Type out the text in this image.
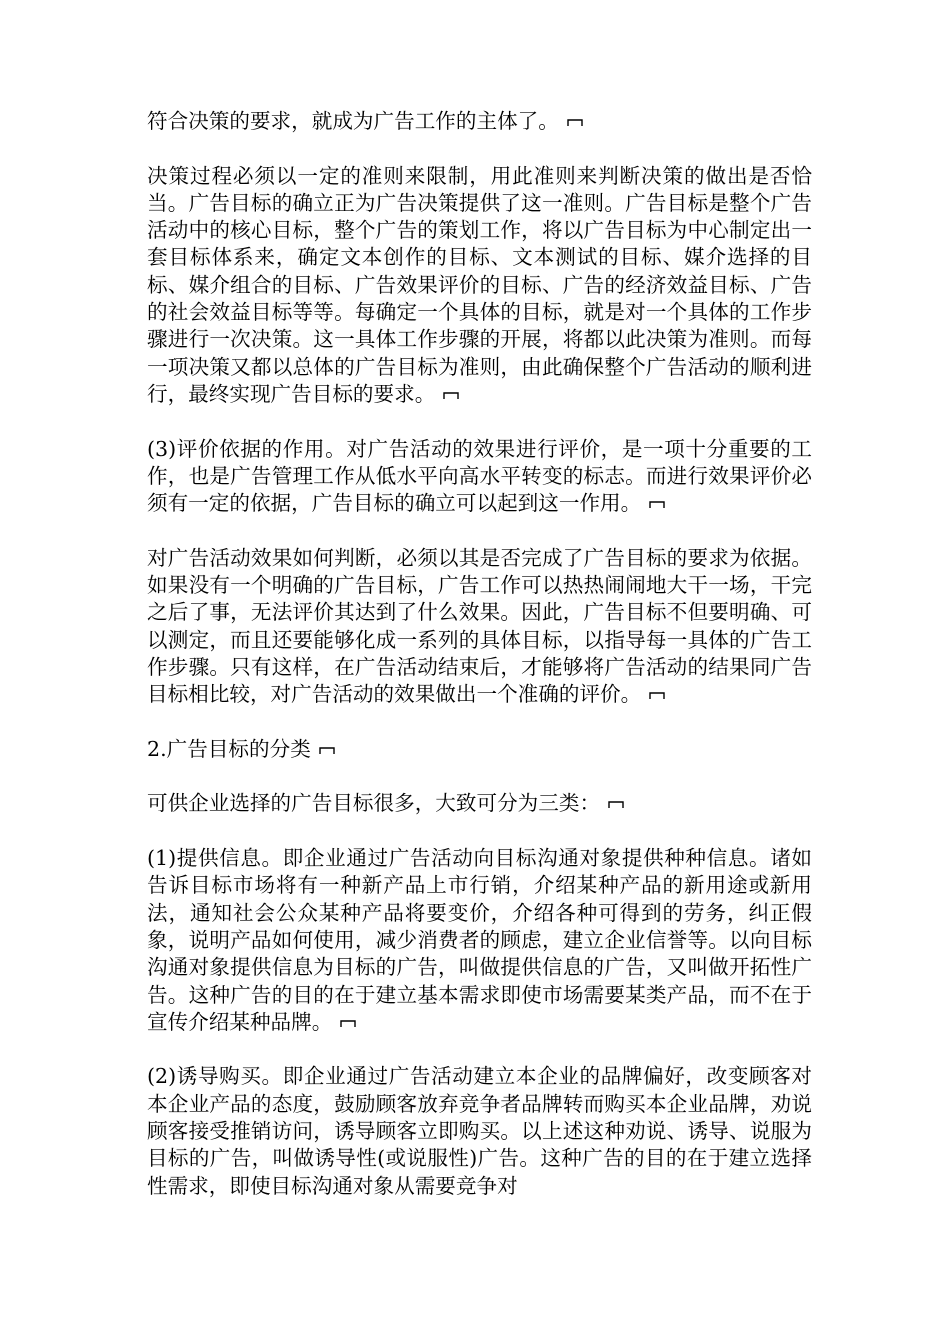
符合决策的要求，就成为广告工作的主体了。

决策过程必须以一定的准则来限制，用此准则来判断决策的做出是否恰当。广告目标的确立正为广告决策提供了这一准则。广告目标是整个广告活动中的核心目标，整个广告的策划工作，将以广告目标为中心制定出一套目标体系来，确定文本创作的目标、文本测试的目标、媒介选择的目标、媒介组合的目标、广告效果评价的目标、广告的经济效益目标、广告的社会效益目标等等。每确定一个具体的目标，就是对一个具体的工作步骤进行一次决策。这一具体工作步骤的开展，将都以此决策为准则。而每一项决策又都以总体的广告目标为准则，由此确保整个广告活动的顺利进行，最终实现广告目标的要求。

(3)评价依据的作用。对广告活动的效果进行评价，是一项十分重要的工作，也是广告管理工作从低水平向高水平转变的标志。而进行效果评价必须有一定的依据，广告目标的确立可以起到这一作用。

对广告活动效果如何判断，必须以其是否完成了广告目标的要求为依据。如果没有一个明确的广告目标，广告工作可以热热闹闹地大干一场，干完之后了事，无法评价其达到了什么效果。因此，广告目标不但要明确、可以测定，而且还要能够化成一系列的具体目标，以指导每一具体的广告工作步骤。只有这样，在广告活动结束后，才能够将广告活动的结果同广告目标相比较，对广告活动的效果做出一个准确的评价。

2.广告目标的分类

可供企业选择的广告目标很多，大致可分为三类：

(1)提供信息。即企业通过广告活动向目标沟通对象提供种种信息。诸如告诉目标市场将有一种新产品上市行销，介绍某种产品的新用途或新用法，通知社会公众某种产品将要变价，介绍各种可得到的劳务，纠正假象，说明产品如何使用，减少消费者的顾虑，建立企业信誉等。以向目标沟通对象提供信息为目标的广告，叫做提供信息的广告，又叫做开拓性广告。这种广告的目的在于建立基本需求即使市场需要某类产品，而不在于宣传介绍某种品牌。

(2)诱导购买。即企业通过广告活动建立本企业的品牌偏好，改变顾客对本企业产品的态度，鼓励顾客放弃竞争者品牌转而购买本企业品牌，劝说顾客接受推销访问，诱导顾客立即购买。以上述这种劝说、诱导、说服为目标的广告，叫做诱导性(或说服性)广告。这种广告的目的在于建立选择性需求，即使目标沟通对象从需要竞争对
